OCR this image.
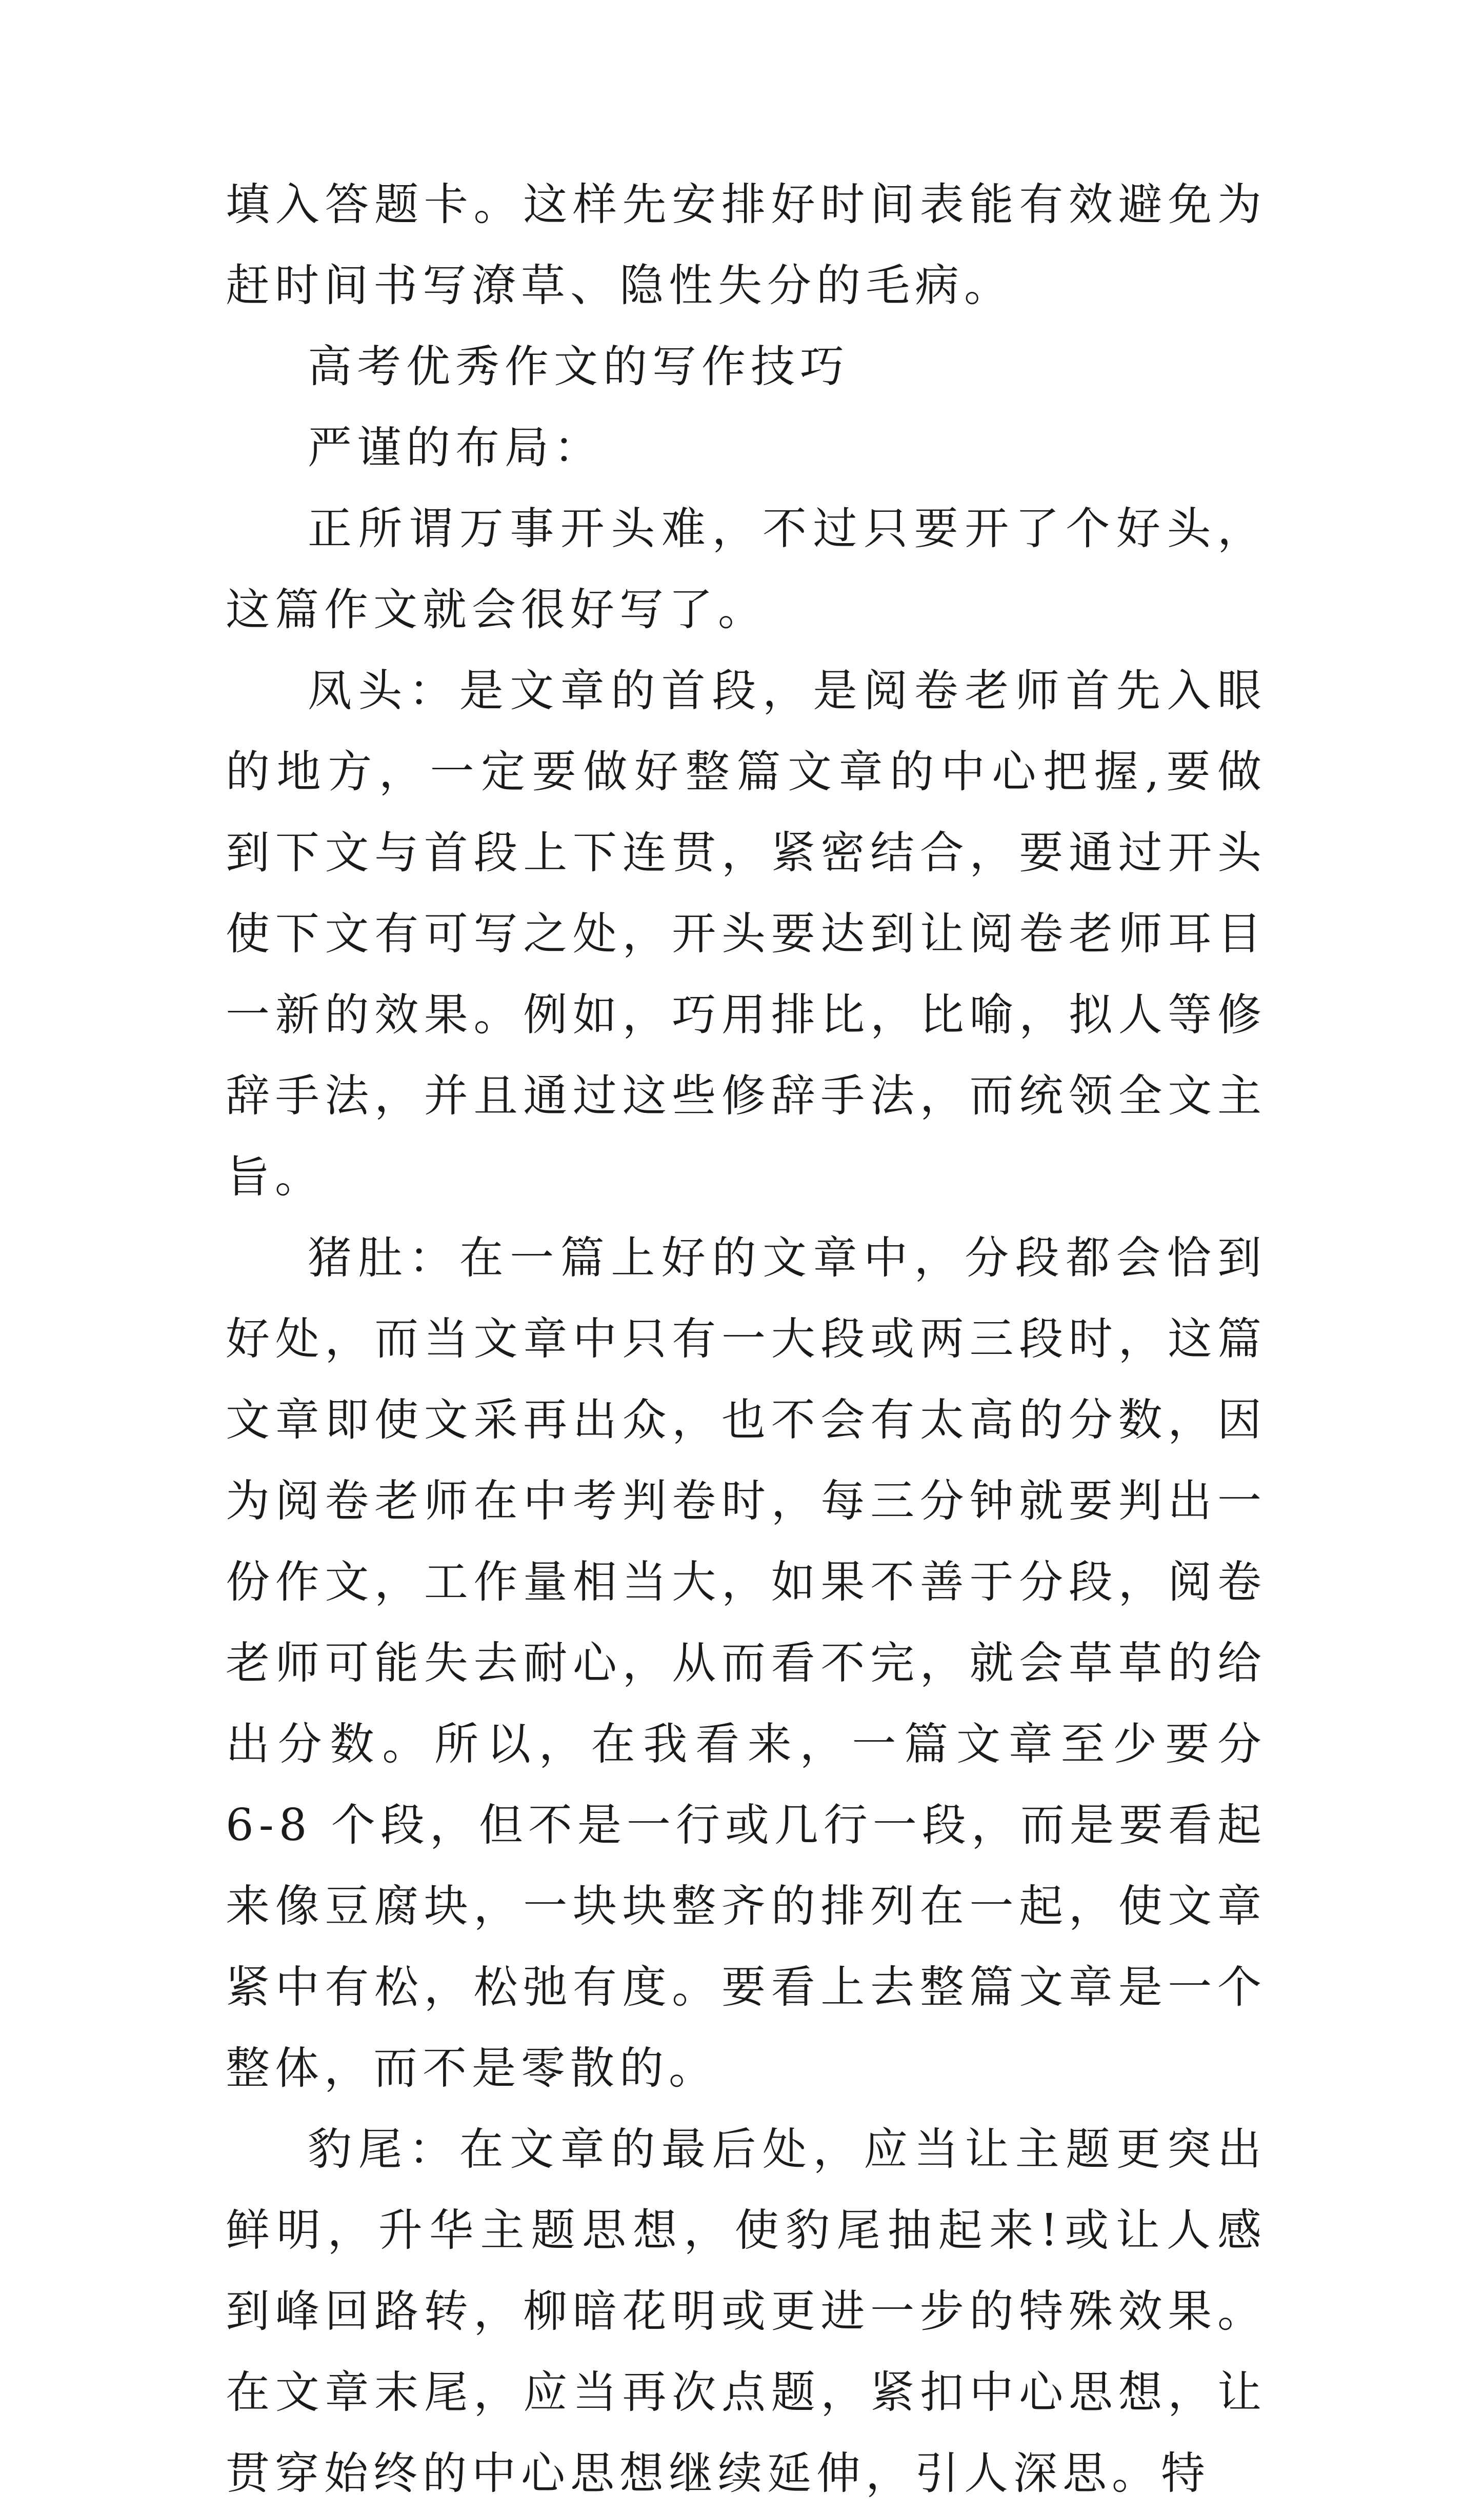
填入答题卡。这样先安排好时间表能有效避免为赶时间书写潦草、隐性失分的毛病。

高考优秀作文的写作技巧

严谨的布局：

正所谓万事开头难，不过只要开了个好头，这篇作文就会很好写了。

凤头：是文章的首段，是阅卷老师首先入眼的地方，一定要做好整篇文章的中心把握,要做到下文与首段上下连贯，紧密结合，要通过开头使下文有可写之处，开头要达到让阅卷老师耳目一新的效果。例如，巧用排比，比喻，拟人等修辞手法，并且通过这些修辞手法，而统领全文主旨。

猪肚：在一篇上好的文章中，分段都会恰到好处，而当文章中只有一大段或两三段时，这篇文章即使文采再出众，也不会有太高的分数，因为阅卷老师在中考判卷时，每三分钟就要判出一份作文，工作量相当大，如果不善于分段，阅卷老师可能失去耐心，从而看不完，就会草草的给出分数。所以，在我看来，一篇文章至少要分 6-8 个段，但不是一行或几行一段，而是要看起来像豆腐块，一块块整齐的排列在一起，使文章紧中有松，松弛有度。要看上去整篇文章是一个整体，而不是零散的。

豹尾：在文章的最后处，应当让主题更突出鲜明，升华主题思想，使豹尾抽起来!或让人感到峰回路转，柳暗花明或更进一步的特殊效果。在文章末尾，应当再次点题，紧扣中心思想，让贯穿始终的中心思想继续延伸，引人深思。特
